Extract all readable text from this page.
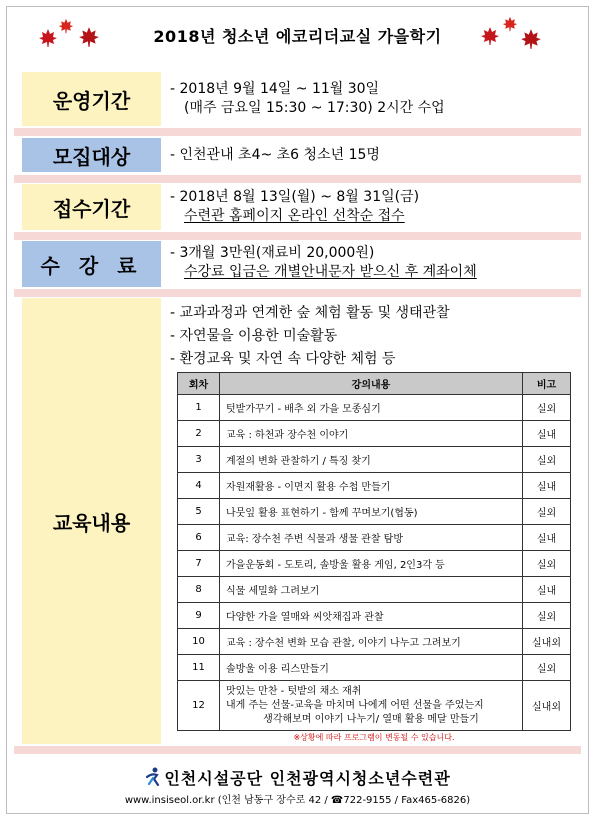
2018년 청소년 에코리더교실 가을학기
운영기간	- 2018년 9월 14일 ~ 11월 30일
(매주 금요일 15:30 ~ 17:30) 2시간 수업
모집대상	- 인천관내 초4~ 초6 청소년 15명
접수기간	- 2018년 8월 13일(월) ~ 8월 31일(금)
수련관 홈페이지 온라인 선착순 접수
수 강 료
- 3개월 3만원(재료비 20,000원)
수강료 입금은 개별안내문자 받으신 후 계좌이체
교육내용
- 교과과정과 연계한 숲 체험 활동 및 생태관찰
- 자연물을 이용한 미술활동
- 환경교육 및 자연 속 다양한 체험 등
회차	강의내용	비고
1	텃밭가꾸기 - 배추 외 가을 모종심기	실외
2	교육 : 하천과 장수천 이야기	실내
3	계절의 변화 관찰하기 / 특징 찾기	실외
4	자원재활용 - 이면지 활용 수첩 만들기	실내
5	나뭇잎 활용 표현하기 - 함께 꾸며보기(협동)	실외
6	교육: 장수천 주변 식물과 생물 관찰 탐방	실내
7	가을운동회 - 도토리, 솔방울 활용 게임, 2인3각 등	실외
8	식물 세밀화 그려보기	실내
9	다양한 가을 열매와 씨앗채집과 관찰	실외
10	교육 : 장수천 변화 모습 관찰, 이야기 나누고 그려보기	실내외
11	솔방울 이용 리스만들기	실외
12	맛있는 만찬 - 텃밭의 채소 재취
내게 주는 선물-교육을 마치며 나에게 어떤 선물을 주었는지
생각해보며 이야기 나누기/ 열매 활용 메달 만들기	실내외
※상황에 따라 프로그램이 변동될 수 있습니다.
인천시설공단 인천광역시청소년수련관
www.insiseol.or.kr (인천 남동구 장수로 42 / ☎722-9155 / Fax465-6826)
